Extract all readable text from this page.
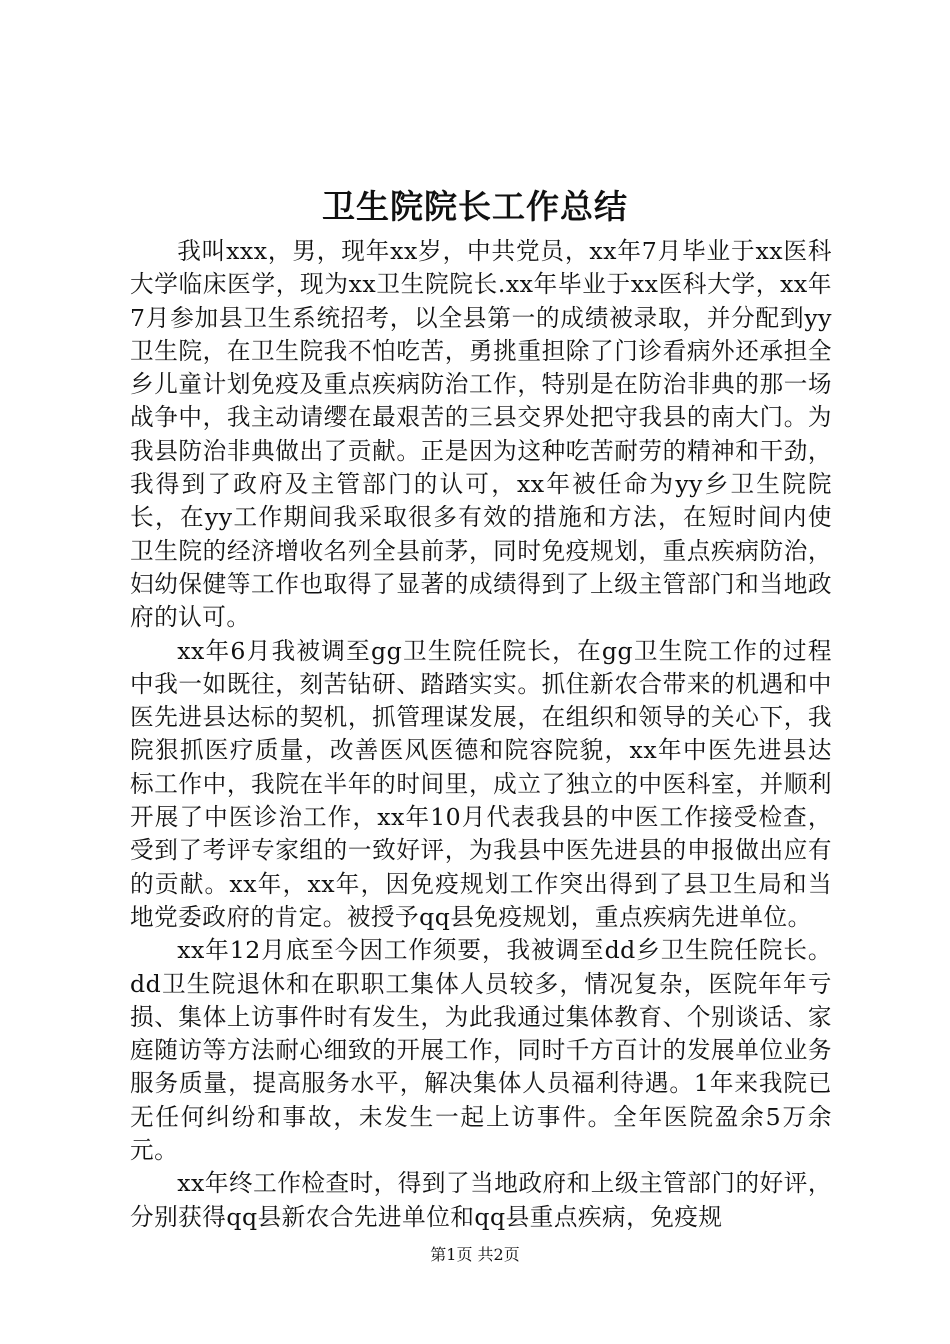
卫生院院长工作总结

我叫xxx，男，现年xx岁，中共党员，xx年7月毕业于xx医科大学临床医学，现为xx卫生院院长.xx年毕业于xx医科大学，xx年7月参加县卫生系统招考，以全县第一的成绩被录取，并分配到yy卫生院，在卫生院我不怕吃苦，勇挑重担除了门诊看病外还承担全乡儿童计划免疫及重点疾病防治工作，特别是在防治非典的那一场战争中，我主动请缨在最艰苦的三县交界处把守我县的南大门。为我县防治非典做出了贡献。正是因为这种吃苦耐劳的精神和干劲，我得到了政府及主管部门的认可，xx年被任命为yy乡卫生院院长，在yy工作期间我采取很多有效的措施和方法，在短时间内使卫生院的经济增收名列全县前茅，同时免疫规划，重点疾病防治，妇幼保健等工作也取得了显著的成绩得到了上级主管部门和当地政府的认可。

xx年6月我被调至gg卫生院任院长，在gg卫生院工作的过程中我一如既往，刻苦钻研、踏踏实实。抓住新农合带来的机遇和中医先进县达标的契机，抓管理谋发展，在组织和领导的关心下，我院狠抓医疗质量，改善医风医德和院容院貌，xx年中医先进县达标工作中，我院在半年的时间里，成立了独立的中医科室，并顺利开展了中医诊治工作，xx年10月代表我县的中医工作接受检查，受到了考评专家组的一致好评，为我县中医先进县的申报做出应有的贡献。xx年，xx年，因免疫规划工作突出得到了县卫生局和当地党委政府的肯定。被授予qq县免疫规划，重点疾病先进单位。

xx年12月底至今因工作须要，我被调至dd乡卫生院任院长。dd卫生院退休和在职职工集体人员较多，情况复杂，医院年年亏损、集体上访事件时有发生，为此我通过集体教育、个别谈话、家庭随访等方法耐心细致的开展工作，同时千方百计的发展单位业务服务质量，提高服务水平，解决集体人员福利待遇。1年来我院已无任何纠纷和事故，未发生一起上访事件。全年医院盈余5万余元。

xx年终工作检查时，得到了当地政府和上级主管部门的好评，分别获得qq县新农合先进单位和qq县重点疾病，免疫规

第1页 共2页
